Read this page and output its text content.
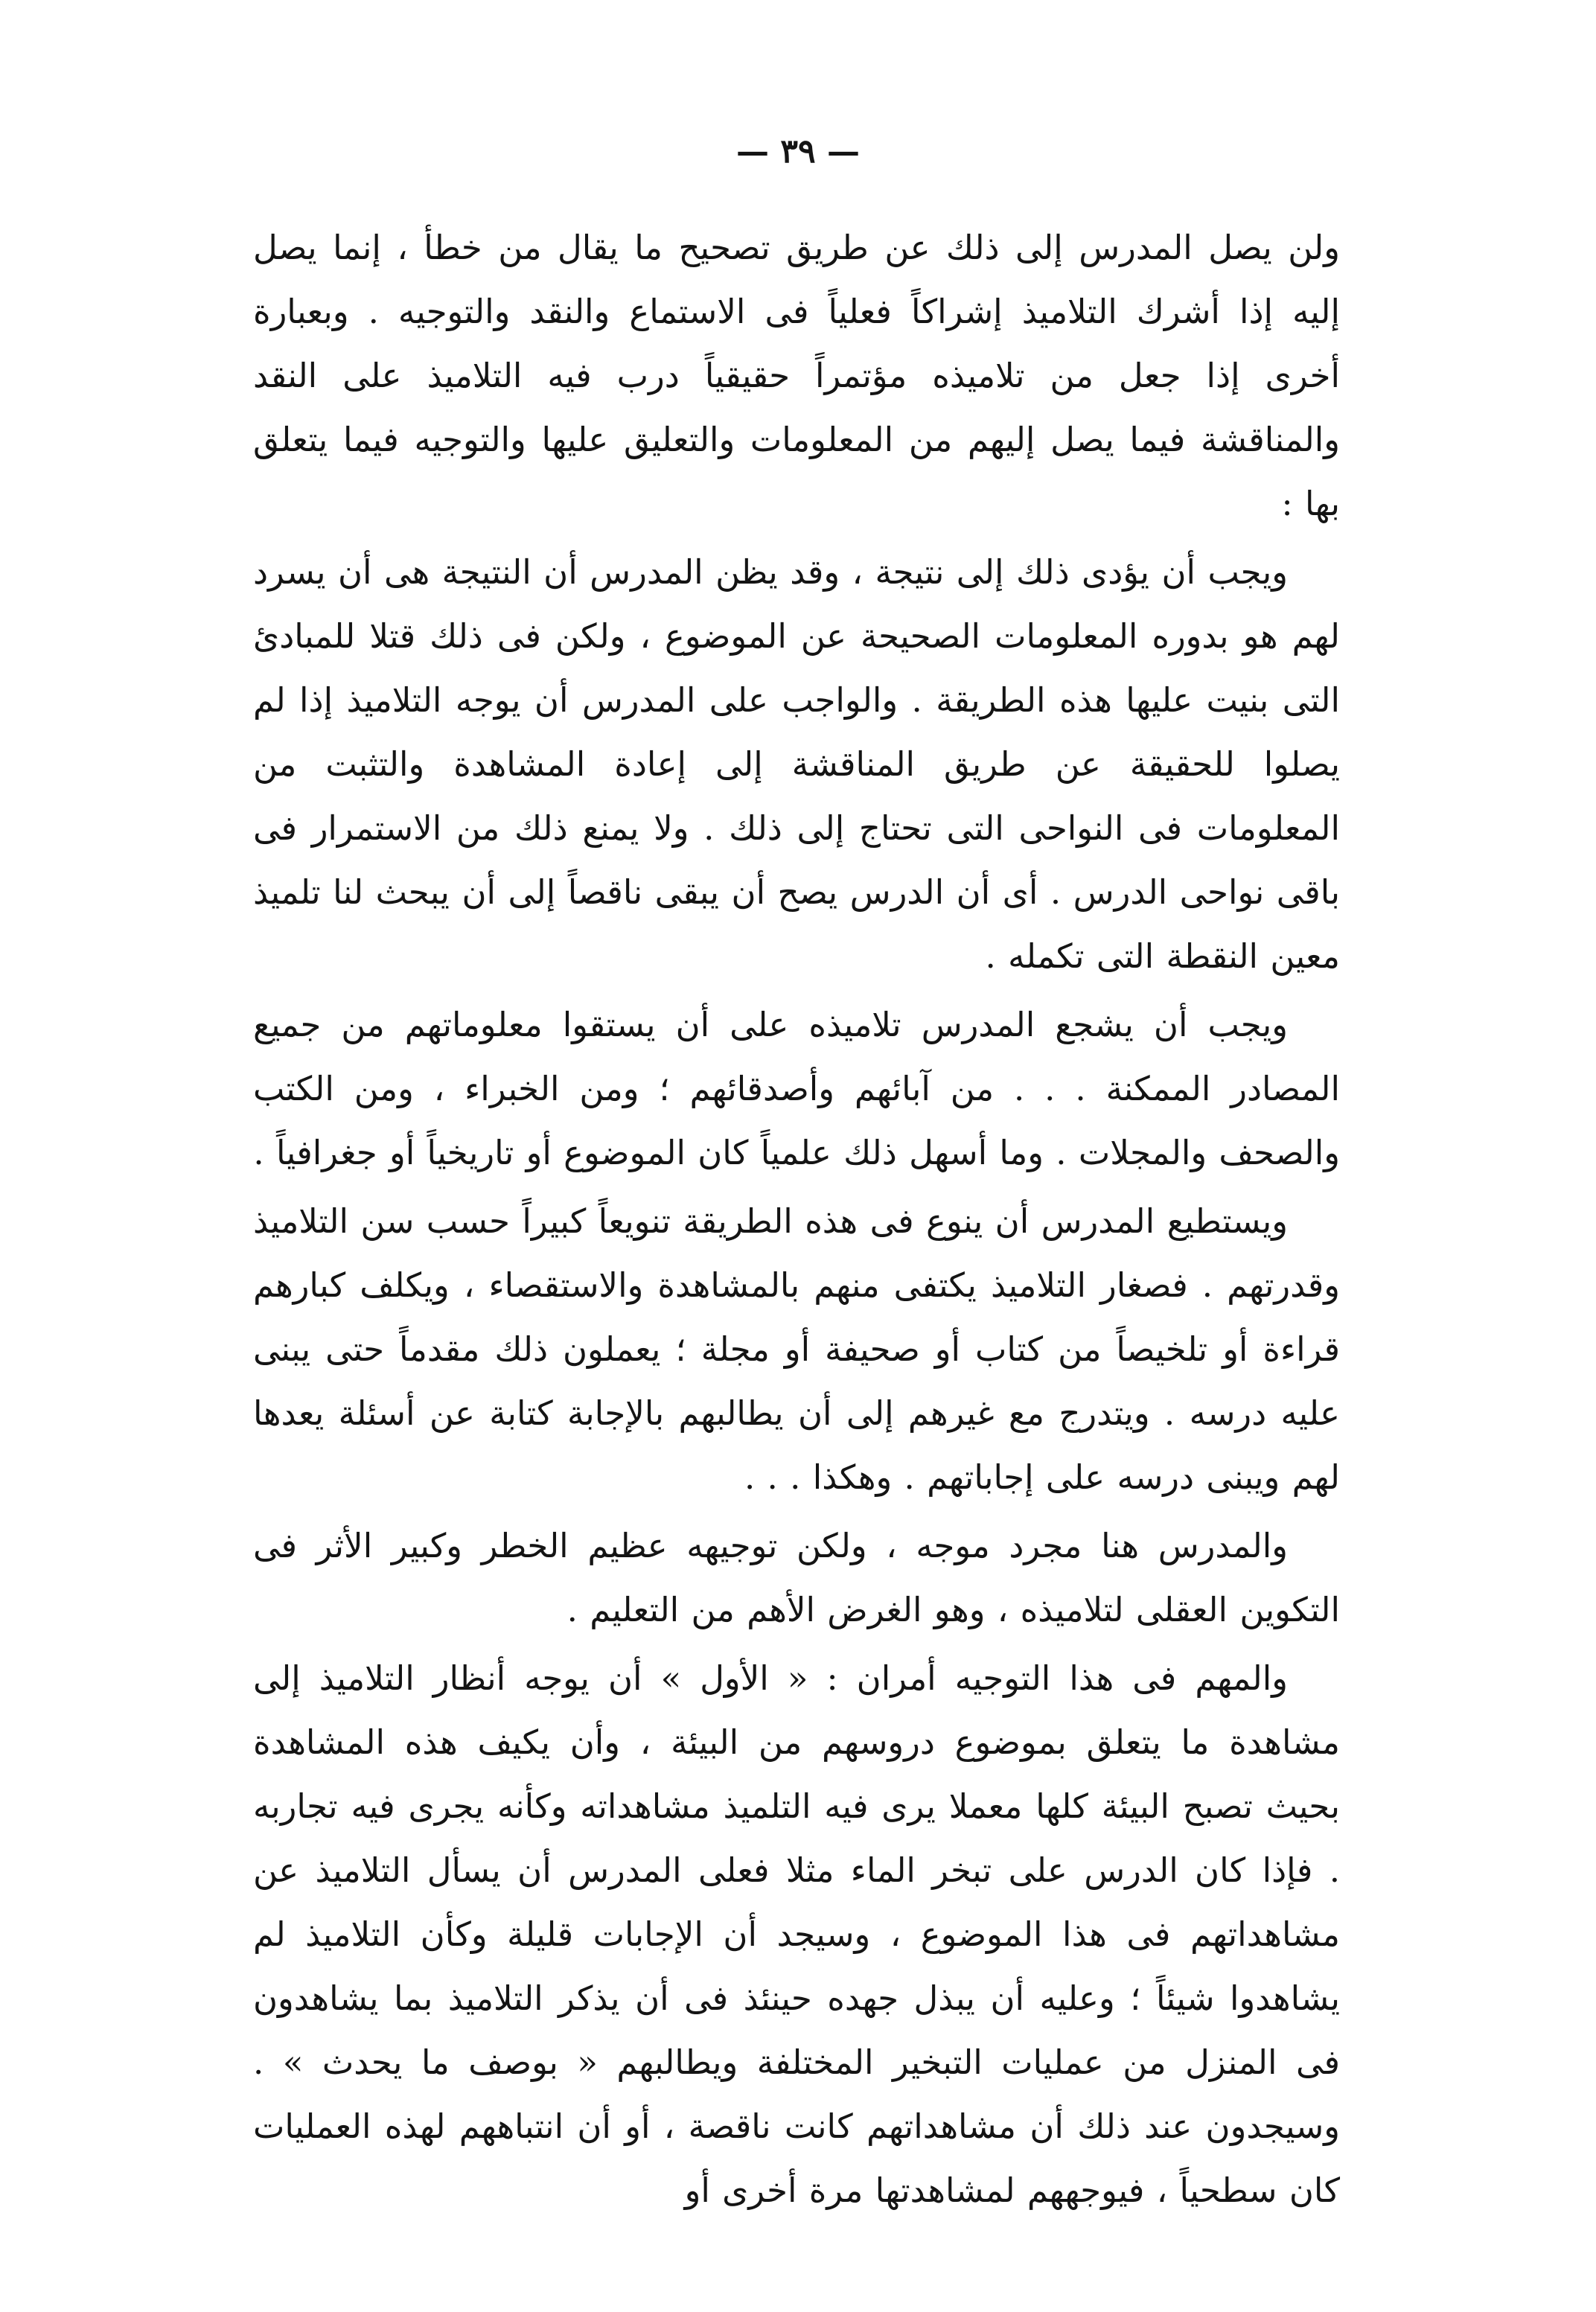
— ٣٩ —

ولن يصل المدرس إلى ذلك عن طريق تصحيح ما يقال من خطأ ، إنما يصل إليه إذا أشرك التلاميذ إشراكاً فعلياً فى الاستماع والنقد والتوجيه . وبعبارة أخرى إذا جعل من تلاميذه مؤتمراً حقيقياً درب فيه التلاميذ على النقد والمناقشة فيما يصل إليهم من المعلومات والتعليق عليها والتوجيه فيما يتعلق بها :

ويجب أن يؤدى ذلك إلى نتيجة ، وقد يظن المدرس أن النتيجة هى أن يسرد لهم هو بدوره المعلومات الصحيحة عن الموضوع ، ولكن فى ذلك قتلا للمبادئ التى بنيت عليها هذه الطريقة . والواجب على المدرس أن يوجه التلاميذ إذا لم يصلوا للحقيقة عن طريق المناقشة إلى إعادة المشاهدة والتثبت من المعلومات فى النواحى التى تحتاج إلى ذلك . ولا يمنع ذلك من الاستمرار فى باقى نواحى الدرس . أى أن الدرس يصح أن يبقى ناقصاً إلى أن يبحث لنا تلميذ معين النقطة التى تكمله .

ويجب أن يشجع المدرس تلاميذه على أن يستقوا معلوماتهم من جميع المصادر الممكنة . . . من آبائهم وأصدقائهم ؛ ومن الخبراء ، ومن الكتب والصحف والمجلات . وما أسهل ذلك علمياً كان الموضوع أو تاريخياً أو جغرافياً .

ويستطيع المدرس أن ينوع فى هذه الطريقة تنويعاً كبيراً حسب سن التلاميذ وقدرتهم . فصغار التلاميذ يكتفى منهم بالمشاهدة والاستقصاء ، ويكلف كبارهم قراءة أو تلخيصاً من كتاب أو صحيفة أو مجلة ؛ يعملون ذلك مقدماً حتى يبنى عليه درسه . ويتدرج مع غيرهم إلى أن يطالبهم بالإجابة كتابة عن أسئلة يعدها لهم ويبنى درسه على إجاباتهم . وهكذا . . .

والمدرس هنا مجرد موجه ، ولكن توجيهه عظيم الخطر وكبير الأثر فى التكوين العقلى لتلاميذه ، وهو الغرض الأهم من التعليم .

والمهم فى هذا التوجيه أمران : « الأول » أن يوجه أنظار التلاميذ إلى مشاهدة ما يتعلق بموضوع دروسهم من البيئة ، وأن يكيف هذه المشاهدة بحيث تصبح البيئة كلها معملا يرى فيه التلميذ مشاهداته وكأنه يجرى فيه تجاربه . فإذا كان الدرس على تبخر الماء مثلا فعلى المدرس أن يسأل التلاميذ عن مشاهداتهم فى هذا الموضوع ، وسيجد أن الإجابات قليلة وكأن التلاميذ لم يشاهدوا شيئاً ؛ وعليه أن يبذل جهده حينئذ فى أن يذكر التلاميذ بما يشاهدون فى المنزل من عمليات التبخير المختلفة ويطالبهم « بوصف ما يحدث » . وسيجدون عند ذلك أن مشاهداتهم كانت ناقصة ، أو أن انتباههم لهذه العمليات كان سطحياً ، فيوجههم لمشاهدتها مرة أخرى أو
